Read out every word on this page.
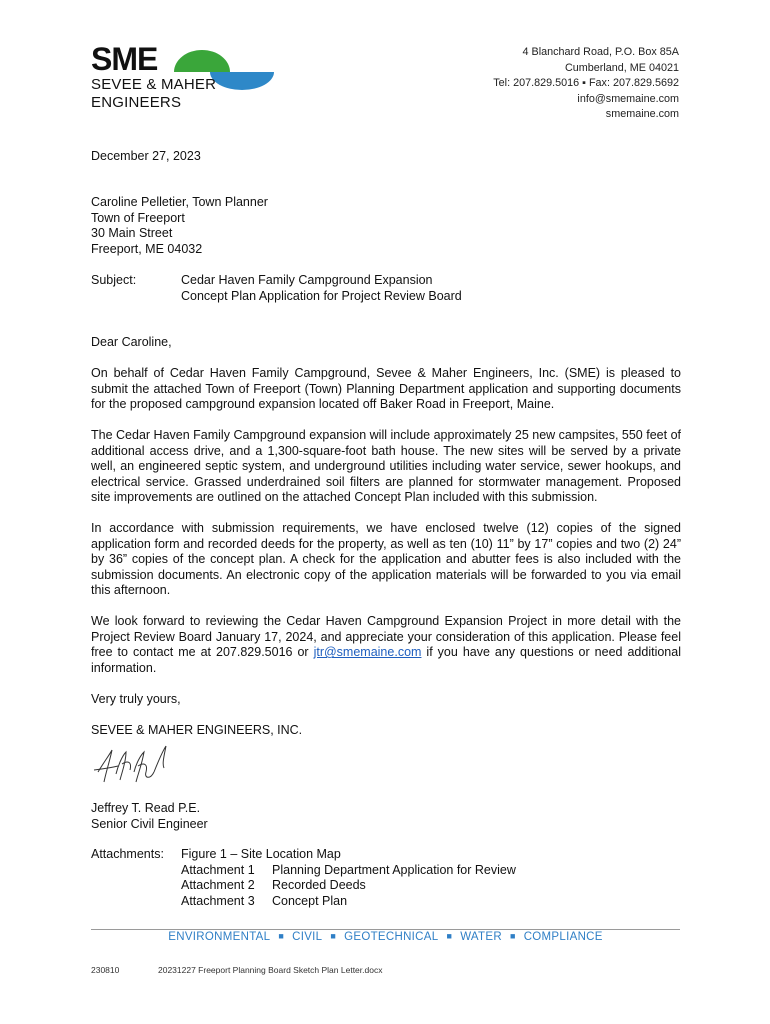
SME
SEVEE & MAHER
ENGINEERS
4 Blanchard Road, P.O. Box 85A
Cumberland, ME 04021
Tel: 207.829.5016 ▪ Fax: 207.829.5692
info@smemaine.com
smemaine.com
December 27, 2023
Caroline Pelletier, Town Planner
Town of Freeport
30 Main Street
Freeport, ME 04032
Subject:	Cedar Haven Family Campground Expansion
Concept Plan Application for Project Review Board
Dear Caroline,

On behalf of Cedar Haven Family Campground, Sevee & Maher Engineers, Inc. (SME) is pleased to submit the attached Town of Freeport (Town) Planning Department application and supporting documents for the proposed campground expansion located off Baker Road in Freeport, Maine.

The Cedar Haven Family Campground expansion will include approximately 25 new campsites, 550 feet of additional access drive, and a 1,300-square-foot bath house. The new sites will be served by a private well, an engineered septic system, and underground utilities including water service, sewer hookups, and electrical service. Grassed underdrained soil filters are planned for stormwater management. Proposed site improvements are outlined on the attached Concept Plan included with this submission.

In accordance with submission requirements, we have enclosed twelve (12) copies of the signed application form and recorded deeds for the property, as well as ten (10) 11” by 17” copies and two (2) 24” by 36” copies of the concept plan. A check for the application and abutter fees is also included with the submission documents. An electronic copy of the application materials will be forwarded to you via email this afternoon.

We look forward to reviewing the Cedar Haven Campground Expansion Project in more detail with the Project Review Board January 17, 2024, and appreciate your consideration of this application. Please feel free to contact me at 207.829.5016 or jtr@smemaine.com if you have any questions or need additional information.

Very truly yours,
SEVEE & MAHER ENGINEERS, INC.
Jeffrey T. Read P.E.
Senior Civil Engineer
Attachments: Figure 1 – Site Location Map
Attachment 1 Planning Department Application for Review
Attachment 2 Recorded Deeds
Attachment 3 Concept Plan
ENVIRONMENTAL ■ CIVIL ■ GEOTECHNICAL ■ WATER ■ COMPLIANCE
230810	20231227 Freeport Planning Board Sketch Plan Letter.docx
